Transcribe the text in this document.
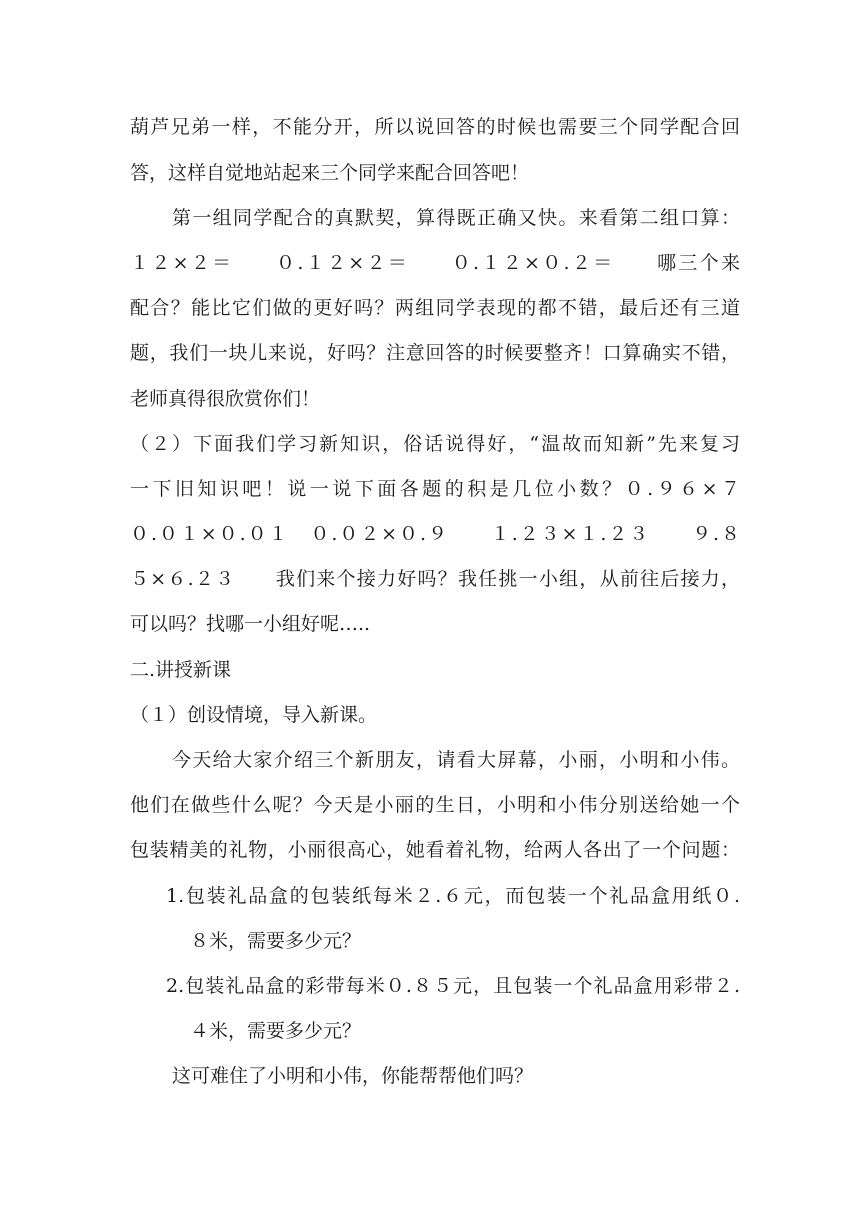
葫芦兄弟一样，不能分开，所以说回答的时候也需要三个同学配合回
答，这样自觉地站起来三个同学来配合回答吧！
第一组同学配合的真默契，算得既正确又快。来看第二组口算：
１２×２＝　　０.１２×２＝　　０.１２×０.２＝　　哪三个来
配合？能比它们做的更好吗？两组同学表现的都不错，最后还有三道
题，我们一块儿来说，好吗？注意回答的时候要整齐！口算确实不错，
老师真得很欣赏你们！
（２）下面我们学习新知识，俗话说得好，“温故而知新”先来复习
一下旧知识吧！说一说下面各题的积是几位小数？０.９６×７
０.０１×０.０１　０.０２×０.９　　１.２３×１.２３　　９.８
５×６.２３　　我们来个接力好吗？我任挑一小组，从前往后接力，
可以吗？找哪一小组好呢…..
二.讲授新课
（１）创设情境，导入新课。
今天给大家介绍三个新朋友，请看大屏幕，小丽，小明和小伟。
他们在做些什么呢？今天是小丽的生日，小明和小伟分别送给她一个
包装精美的礼物，小丽很高心，她看着礼物，给两人各出了一个问题：
1.包装礼品盒的包装纸每米２.６元，而包装一个礼品盒用纸０.
８米，需要多少元？
2.包装礼品盒的彩带每米０.８５元，且包装一个礼品盒用彩带２.
４米，需要多少元？
这可难住了小明和小伟，你能帮帮他们吗？
